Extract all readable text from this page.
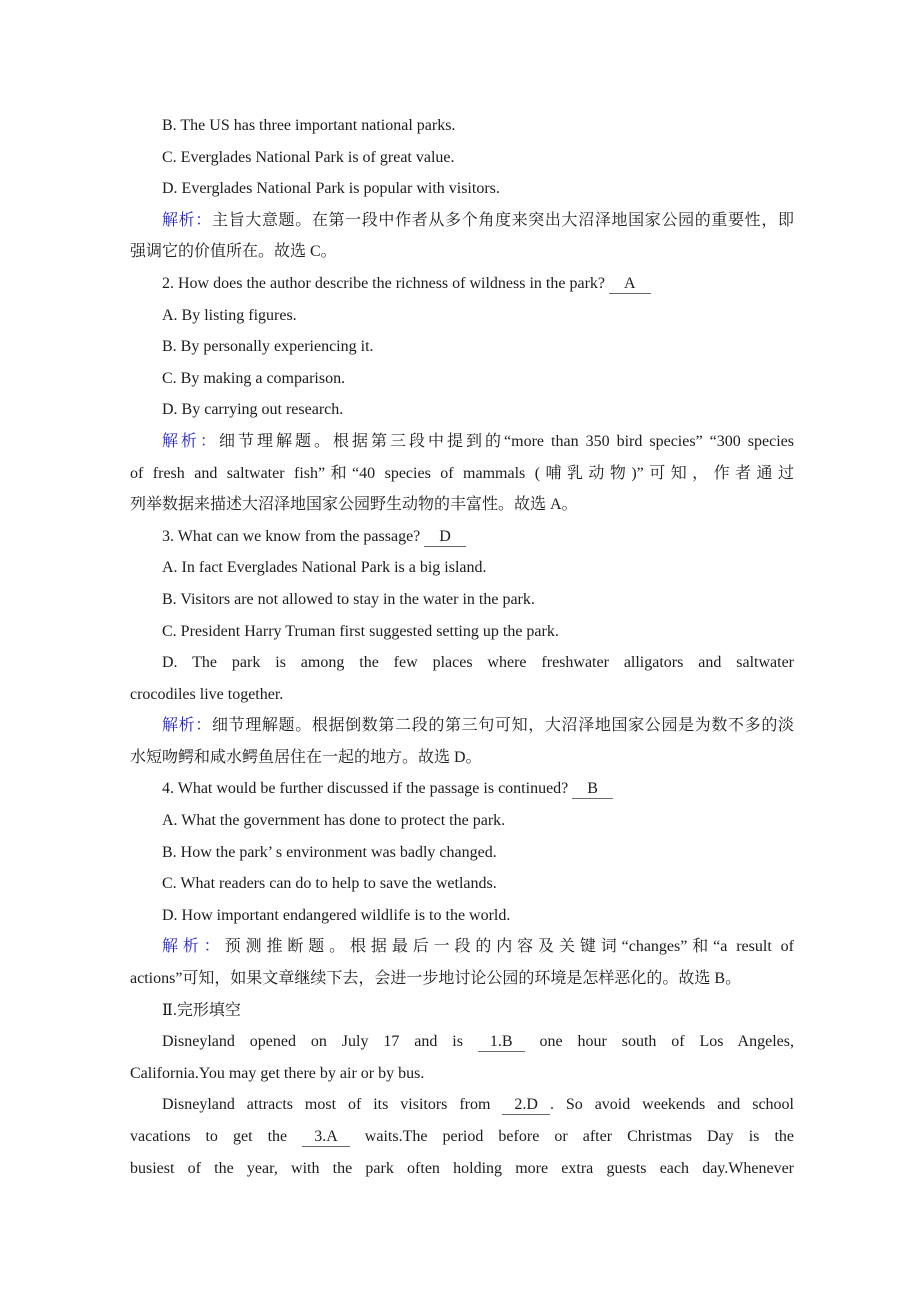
B. The US has three important national parks.
C. Everglades National Park is of great value.
D. Everglades National Park is popular with visitors.
解析：主旨大意题。在第一段中作者从多个角度来突出大沼泽地国家公园的重要性，即
强调它的价值所在。故选 C。
2. How does the author describe the richness of wildness in the park? A
A. By listing figures.
B. By personally experiencing it.
C. By making a comparison.
D. By carrying out research.
解析：细节理解题。根据第三段中提到的“more than 350 bird species” “300 species
of fresh and saltwater fish”和“40 species of mammals (哺乳动物)”可知，作者通过
列举数据来描述大沼泽地国家公园野生动物的丰富性。故选 A。
3. What can we know from the passage? D
A. In fact Everglades National Park is a big island.
B. Visitors are not allowed to stay in the water in the park.
C. President Harry Truman first suggested setting up the park.
D. The park is among the few places where freshwater alligators and saltwater
crocodiles live together.
解析：细节理解题。根据倒数第二段的第三句可知，大沼泽地国家公园是为数不多的淡
水短吻鳄和咸水鳄鱼居住在一起的地方。故选 D。
4. What would be further discussed if the passage is continued? B
A. What the government has done to protect the park.
B. How the park’ s environment was badly changed.
C. What readers can do to help to save the wetlands.
D. How important endangered wildlife is to the world.
解析：预测推断题。根据最后一段的内容及关键词“changes”和“a result of
actions”可知，如果文章继续下去，会进一步地讨论公园的环境是怎样恶化的。故选 B。
Ⅱ.完形填空
Disneyland opened on July 17 and is 1.B one hour south of Los Angeles,
California.You may get there by air or by bus.
Disneyland attracts most of its visitors from 2.D . So avoid weekends and school
vacations to get the 3.A waits.The period before or after Christmas Day is the
busiest of the year, with the park often holding more extra guests each day.Whenever
